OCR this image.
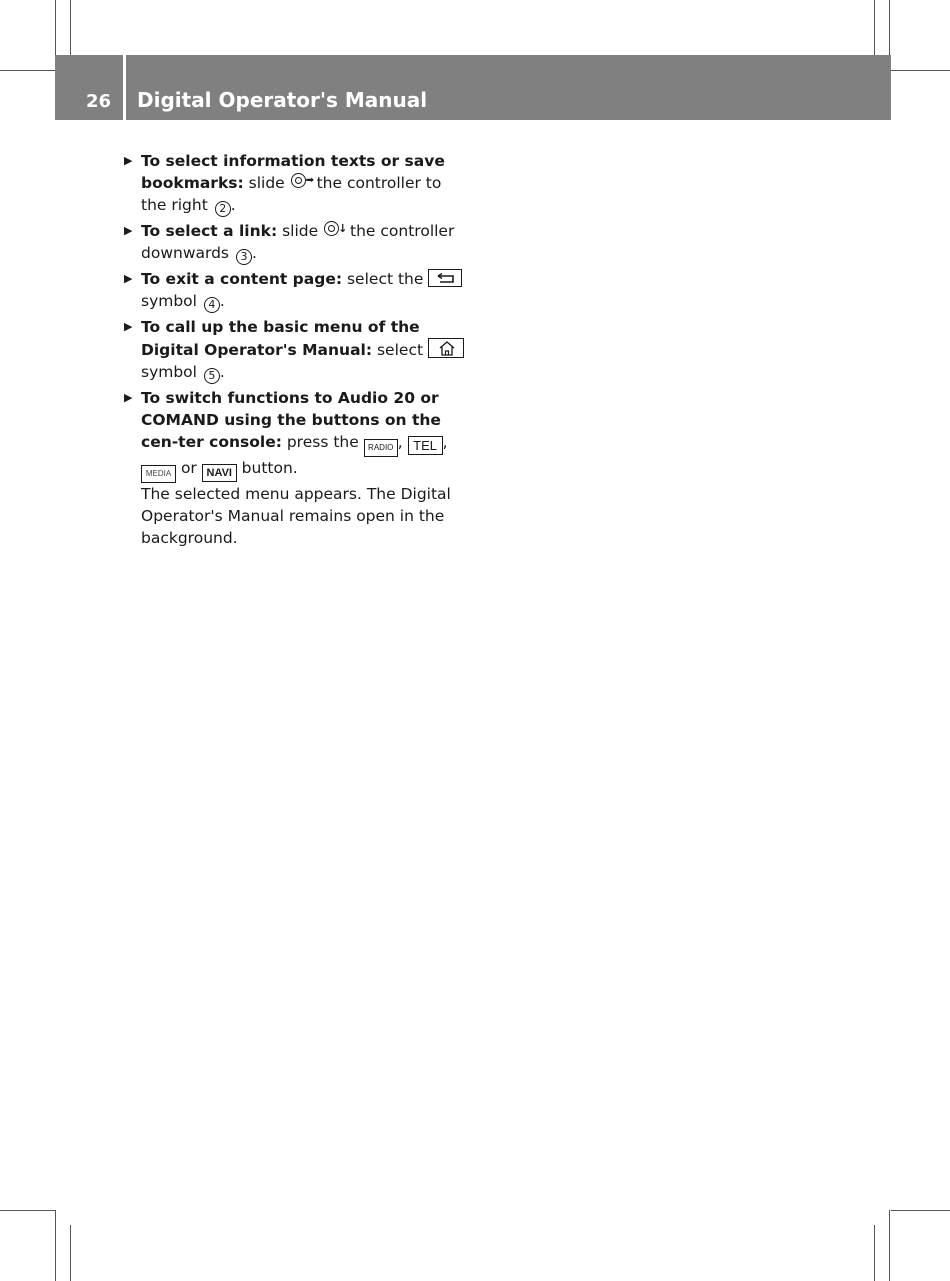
26 Digital Operator's Manual
▶ To select information texts or save bookmarks: slide ➡ the controller to the right 2 .
▶ To select a link: slide ↓ the controller downwards 3 .
▶ To exit a content page: select the
symbol 4 .
▶ To call up the basic menu of the Digital Operator's Manual: select
symbol 5 .
▶ To switch functions to Audio 20 or COMAND using the buttons on the cen-ter console: press the RADIO , TEL , MEDIA or NAVI button.
The selected menu appears. The Digital Operator's Manual remains open in the background.
